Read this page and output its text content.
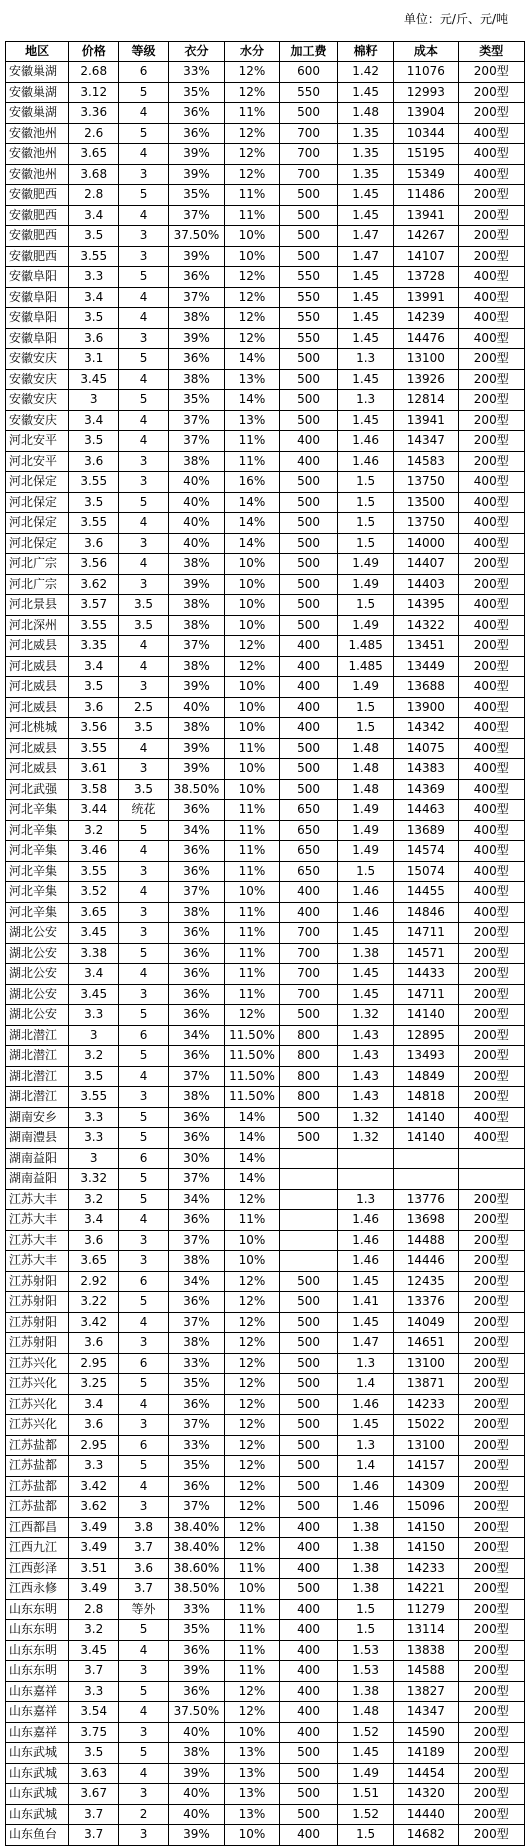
单位：元/斤、元/吨
地区	价格	等级	衣分	水分	加工费	棉籽	成本	类型
安徽巢湖	2.68	6	33%	12%	600	1.42	11076	200型
安徽巢湖	3.12	5	35%	12%	550	1.45	12993	200型
安徽巢湖	3.36	4	36%	11%	500	1.48	13904	200型
安徽池州	2.6	5	36%	12%	700	1.35	10344	400型
安徽池州	3.65	4	39%	12%	700	1.35	15195	400型
安徽池州	3.68	3	39%	12%	700	1.35	15349	400型
安徽肥西	2.8	5	35%	11%	500	1.45	11486	200型
安徽肥西	3.4	4	37%	11%	500	1.45	13941	200型
安徽肥西	3.5	3	37.50%	10%	500	1.47	14267	200型
安徽肥西	3.55	3	39%	10%	500	1.47	14107	200型
安徽阜阳	3.3	5	36%	12%	550	1.45	13728	400型
安徽阜阳	3.4	4	37%	12%	550	1.45	13991	400型
安徽阜阳	3.5	4	38%	12%	550	1.45	14239	400型
安徽阜阳	3.6	3	39%	12%	550	1.45	14476	400型
安徽安庆	3.1	5	36%	14%	500	1.3	13100	200型
安徽安庆	3.45	4	38%	13%	500	1.45	13926	200型
安徽安庆	3	5	35%	14%	500	1.3	12814	200型
安徽安庆	3.4	4	37%	13%	500	1.45	13941	200型
河北安平	3.5	4	37%	11%	400	1.46	14347	200型
河北安平	3.6	3	38%	11%	400	1.46	14583	200型
河北保定	3.55	3	40%	16%	500	1.5	13750	400型
河北保定	3.5	5	40%	14%	500	1.5	13500	400型
河北保定	3.55	4	40%	14%	500	1.5	13750	400型
河北保定	3.6	3	40%	14%	500	1.5	14000	400型
河北广宗	3.56	4	38%	10%	500	1.49	14407	200型
河北广宗	3.62	3	39%	10%	500	1.49	14403	200型
河北景县	3.57	3.5	38%	10%	500	1.5	14395	400型
河北深州	3.55	3.5	38%	10%	500	1.49	14322	400型
河北威县	3.35	4	37%	12%	400	1.485	13451	200型
河北威县	3.4	4	38%	12%	400	1.485	13449	200型
河北威县	3.5	3	39%	10%	400	1.49	13688	400型
河北威县	3.6	2.5	40%	10%	400	1.5	13900	400型
河北桃城	3.56	3.5	38%	10%	400	1.5	14342	400型
河北威县	3.55	4	39%	11%	500	1.48	14075	400型
河北威县	3.61	3	39%	10%	500	1.48	14383	400型
河北武强	3.58	3.5	38.50%	10%	500	1.48	14369	400型
河北辛集	3.44	统花	36%	11%	650	1.49	14463	400型
河北辛集	3.2	5	34%	11%	650	1.49	13689	400型
河北辛集	3.46	4	36%	11%	650	1.49	14574	400型
河北辛集	3.55	3	36%	11%	650	1.5	15074	400型
河北辛集	3.52	4	37%	10%	400	1.46	14455	400型
河北辛集	3.65	3	38%	11%	400	1.46	14846	400型
湖北公安	3.45	3	36%	11%	700	1.45	14711	200型
湖北公安	3.38	5	36%	11%	700	1.38	14571	200型
湖北公安	3.4	4	36%	11%	700	1.45	14433	200型
湖北公安	3.45	3	36%	11%	700	1.45	14711	200型
湖北公安	3.3	5	36%	12%	500	1.32	14140	200型
湖北潜江	3	6	34%	11.50%	800	1.43	12895	200型
湖北潜江	3.2	5	36%	11.50%	800	1.43	13493	200型
湖北潜江	3.5	4	37%	11.50%	800	1.43	14849	200型
湖北潜江	3.55	3	38%	11.50%	800	1.43	14818	200型
湖南安乡	3.3	5	36%	14%	500	1.32	14140	400型
湖南澧县	3.3	5	36%	14%	500	1.32	14140	400型
湖南益阳	3	6	30%	14%				
湖南益阳	3.32	5	37%	14%				
江苏大丰	3.2	5	34%	12%		1.3	13776	200型
江苏大丰	3.4	4	36%	11%		1.46	13698	200型
江苏大丰	3.6	3	37%	10%		1.46	14488	200型
江苏大丰	3.65	3	38%	10%		1.46	14446	200型
江苏射阳	2.92	6	34%	12%	500	1.45	12435	200型
江苏射阳	3.22	5	36%	12%	500	1.41	13376	200型
江苏射阳	3.42	4	37%	12%	500	1.45	14049	200型
江苏射阳	3.6	3	38%	12%	500	1.47	14651	200型
江苏兴化	2.95	6	33%	12%	500	1.3	13100	200型
江苏兴化	3.25	5	35%	12%	500	1.4	13871	200型
江苏兴化	3.4	4	36%	12%	500	1.46	14233	200型
江苏兴化	3.6	3	37%	12%	500	1.45	15022	200型
江苏盐都	2.95	6	33%	12%	500	1.3	13100	200型
江苏盐都	3.3	5	35%	12%	500	1.4	14157	200型
江苏盐都	3.42	4	36%	12%	500	1.46	14309	200型
江苏盐都	3.62	3	37%	12%	500	1.46	15096	200型
江西都昌	3.49	3.8	38.40%	12%	400	1.38	14150	200型
江西九江	3.49	3.7	38.40%	12%	400	1.38	14150	200型
江西彭泽	3.51	3.6	38.60%	11%	400	1.38	14233	200型
江西永修	3.49	3.7	38.50%	10%	500	1.38	14221	200型
山东东明	2.8	等外	33%	11%	400	1.5	11279	200型
山东东明	3.2	5	35%	11%	400	1.5	13114	200型
山东东明	3.45	4	36%	11%	400	1.53	13838	200型
山东东明	3.7	3	39%	11%	400	1.53	14588	200型
山东嘉祥	3.3	5	36%	12%	400	1.38	13827	200型
山东嘉祥	3.54	4	37.50%	12%	400	1.48	14347	200型
山东嘉祥	3.75	3	40%	10%	400	1.52	14590	200型
山东武城	3.5	5	38%	13%	500	1.45	14189	200型
山东武城	3.63	4	39%	13%	500	1.49	14454	200型
山东武城	3.67	3	40%	13%	500	1.51	14320	200型
山东武城	3.7	2	40%	13%	500	1.52	14440	200型
山东鱼台	3.7	3	39%	10%	400	1.5	14682	200型
